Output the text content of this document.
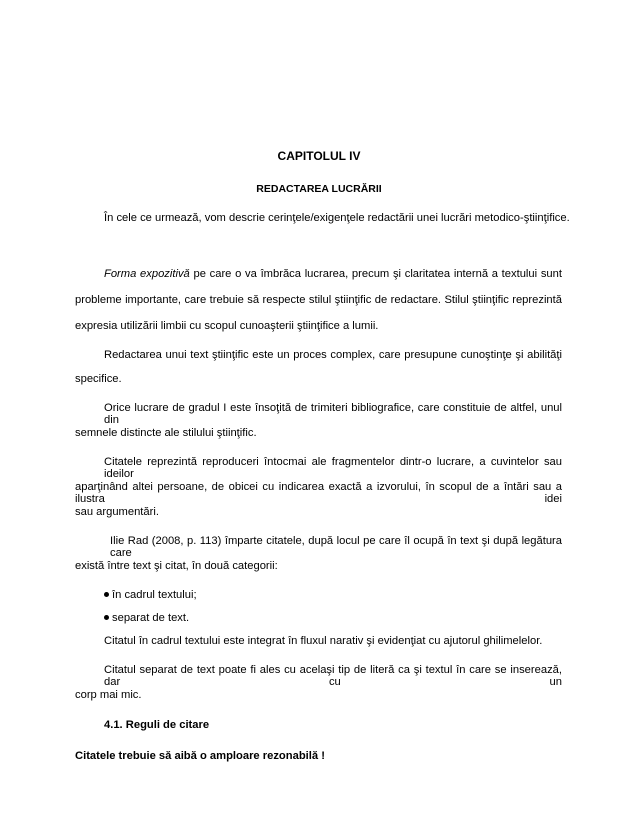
CAPITOLUL IV
REDACTAREA LUCRĂRII
În cele ce urmează, vom descrie cerinţele/exigenţele redactării unei lucrări metodico-ştiinţifice.
Forma expozitivă pe care o va îmbrăca lucrarea, precum şi claritatea internă a textului sunt
probleme importante, care trebuie să respecte stilul ştiinţific de redactare. Stilul ştiinţific reprezintă
expresia utilizării limbii cu scopul cunoaşterii ştiinţifice a lumii.
Redactarea unui text ştiinţific este un proces complex, care presupune cunoştinţe şi abilităţi
specifice.
Orice lucrare de gradul I este însoţită de trimiteri bibliografice, care constituie de altfel, unul din
semnele distincte ale stilului ştiinţific.
Citatele reprezintă reproduceri întocmai ale fragmentelor dintr-o lucrare, a cuvintelor sau ideilor
aparţinând altei persoane, de obicei cu indicarea exactă a izvorului, în scopul de a întări sau a ilustra idei
sau argumentări.
Ilie Rad (2008, p. 113) împarte citatele, după locul pe care îl ocupă în text şi după legătura care
există între text şi citat, în două categorii:
în cadrul textului;
separat de text.
Citatul în cadrul textului este integrat în fluxul narativ şi evidenţiat cu ajutorul ghilimelelor.
Citatul separat de text poate fi ales cu acelaşi tip de literă ca şi textul în care se inserează, dar cu un
corp mai mic.
4.1. Reguli de citare
Citatele trebuie să aibă o amploare rezonabilă !
